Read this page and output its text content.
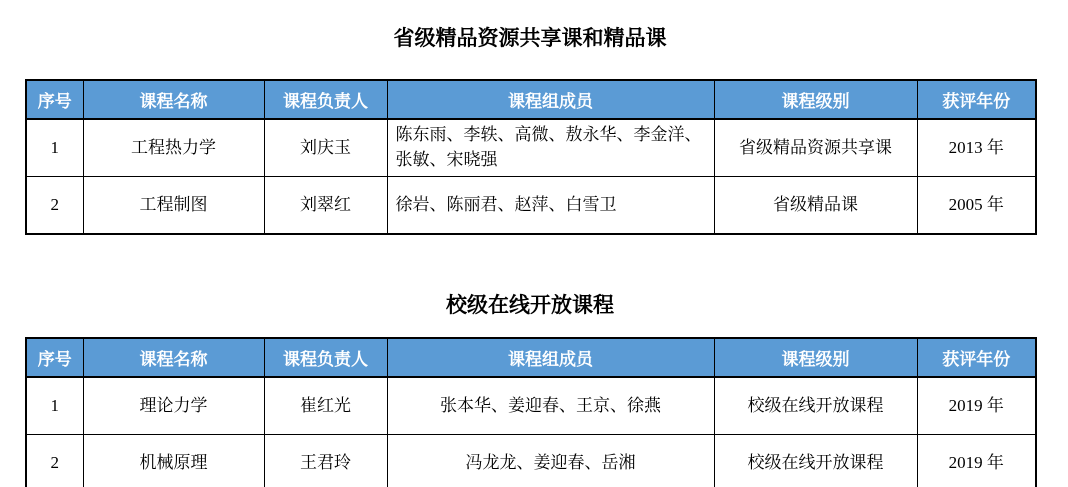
省级精品资源共享课和精品课
序号	课程名称	课程负责人	课程组成员	课程级别	获评年份
1	工程热力学	刘庆玉	陈东雨、李轶、高微、敖永华、李金洋、张敏、宋晓强	省级精品资源共享课	2013 年
2	工程制图	刘翠红	徐岩、陈丽君、赵萍、白雪卫	省级精品课	2005 年
校级在线开放课程
序号	课程名称	课程负责人	课程组成员	课程级别	获评年份
1	理论力学	崔红光	张本华、姜迎春、王京、徐燕	校级在线开放课程	2019 年
2	机械原理	王君玲	冯龙龙、姜迎春、岳湘	校级在线开放课程	2019 年
